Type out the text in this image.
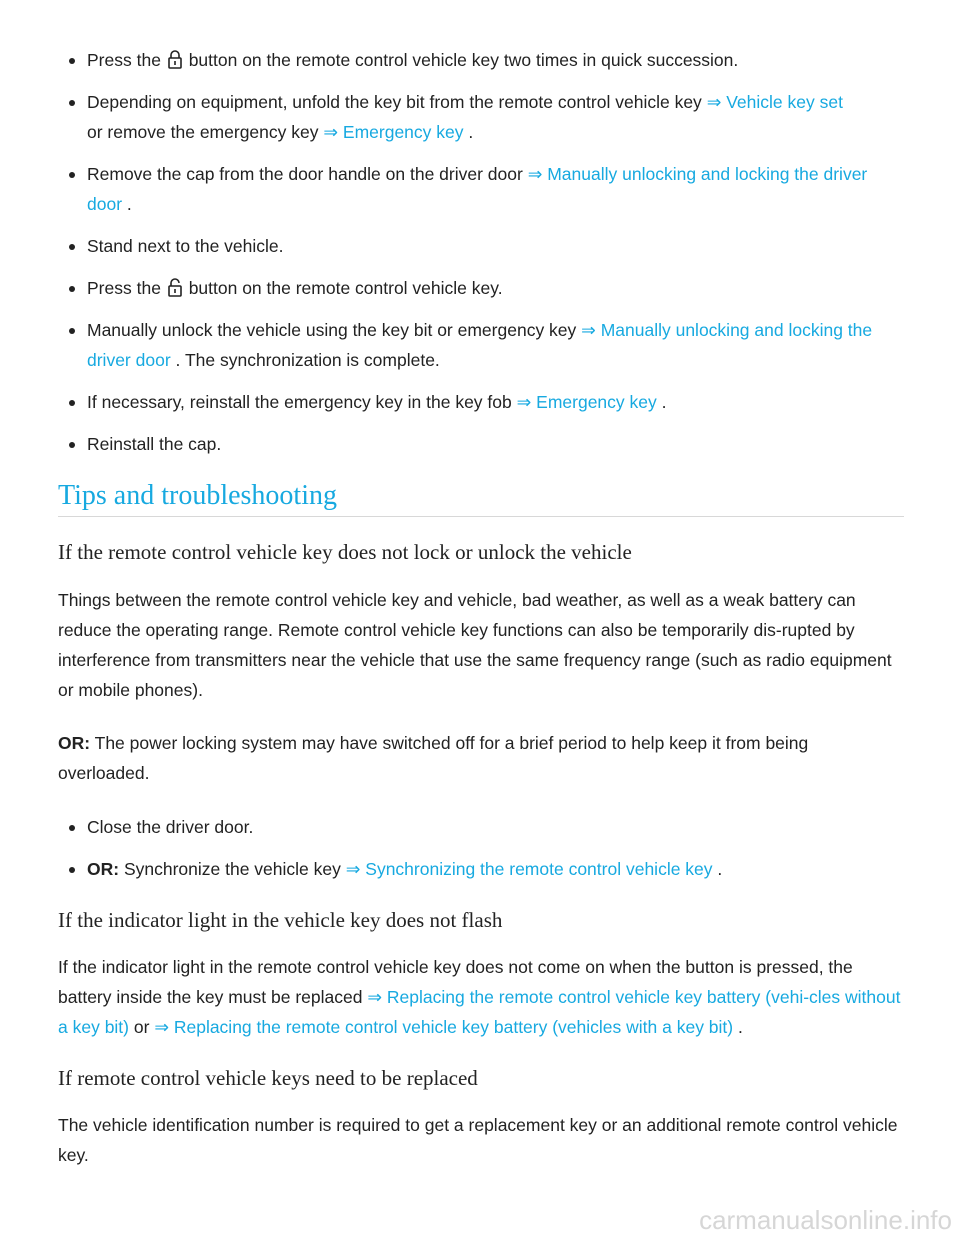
Press the button on the remote control vehicle key two times in quick succession.
Depending on equipment, unfold the key bit from the remote control vehicle key ⇒ Vehicle key set
or remove the emergency key ⇒ Emergency key .
Remove the cap from the door handle on the driver door ⇒ Manually unlocking and locking the driver door .
Stand next to the vehicle.
Press the button on the remote control vehicle key.
Manually unlock the vehicle using the key bit or emergency key ⇒ Manually unlocking and locking the driver door . The synchronization is complete.
If necessary, reinstall the emergency key in the key fob ⇒ Emergency key .
Reinstall the cap.
Tips and troubleshooting
If the remote control vehicle key does not lock or unlock the vehicle

Things between the remote control vehicle key and vehicle, bad weather, as well as a weak battery can reduce the operating range. Remote control vehicle key functions can also be temporarily dis-rupted by interference from transmitters near the vehicle that use the same frequency range (such as radio equipment or mobile phones).

OR: The power locking system may have switched off for a brief period to help keep it from being overloaded.

Close the driver door.
OR: Synchronize the vehicle key ⇒ Synchronizing the remote control vehicle key .
If the indicator light in the vehicle key does not flash

If the indicator light in the remote control vehicle key does not come on when the button is pressed, the battery inside the key must be replaced ⇒ Replacing the remote control vehicle key battery (vehi-cles without a key bit) or ⇒ Replacing the remote control vehicle key battery (vehicles with a key bit) .

If remote control vehicle keys need to be replaced

The vehicle identification number is required to get a replacement key or an additional remote control vehicle key.

carmanualsonline.info
